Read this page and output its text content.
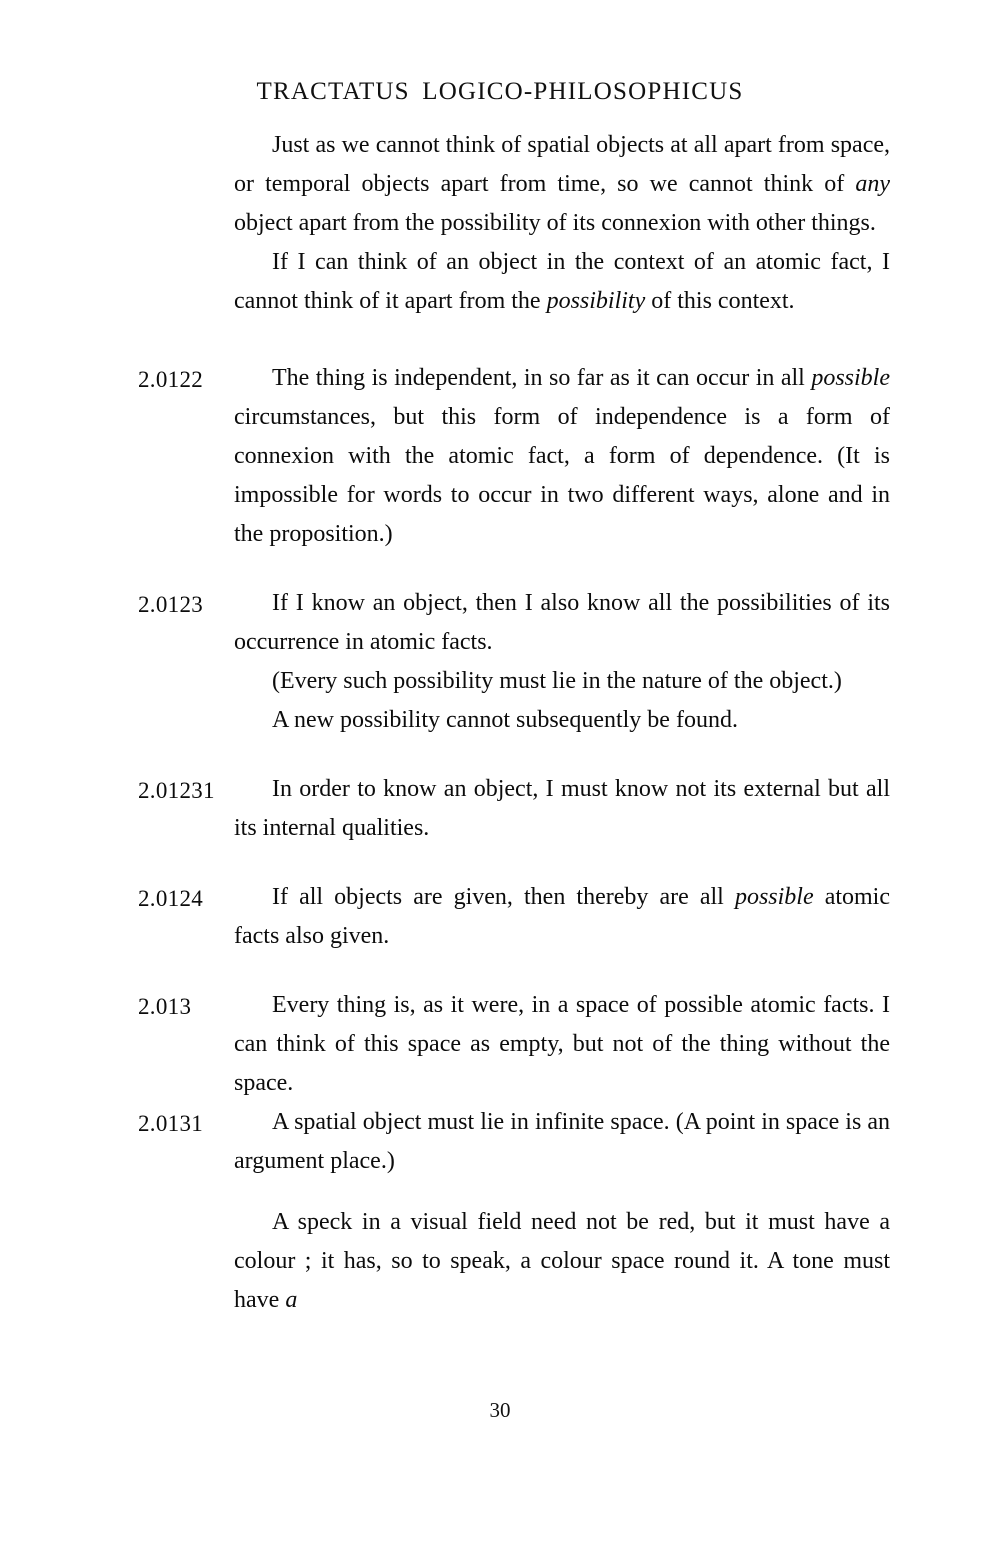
TRACTATUS LOGICO-PHILOSOPHICUS
Just as we cannot think of spatial objects at all apart from space, or temporal objects apart from time, so we cannot think of any object apart from the possibility of its connexion with other things.
If I can think of an object in the context of an atomic fact, I cannot think of it apart from the possibility of this context.
2.0122	The thing is independent, in so far as it can occur in all possible circumstances, but this form of independence is a form of connexion with the atomic fact, a form of dependence. (It is impossible for words to occur in two different ways, alone and in the proposition.)

2.0123	If I know an object, then I also know all the possibilities of its occurrence in atomic facts.

(Every such possibility must lie in the nature of the object.)

A new possibility cannot subsequently be found.

2.01231	In order to know an object, I must know not its external but all its internal qualities.

2.0124	If all objects are given, then thereby are all possible atomic facts also given.

2.013	Every thing is, as it were, in a space of possible atomic facts. I can think of this space as empty, but not of the thing without the space.

2.0131	A spatial object must lie in infinite space. (A point in space is an argument place.)

A speck in a visual field need not be red, but it must have a colour ; it has, so to speak, a colour space round it. A tone must have a

30
